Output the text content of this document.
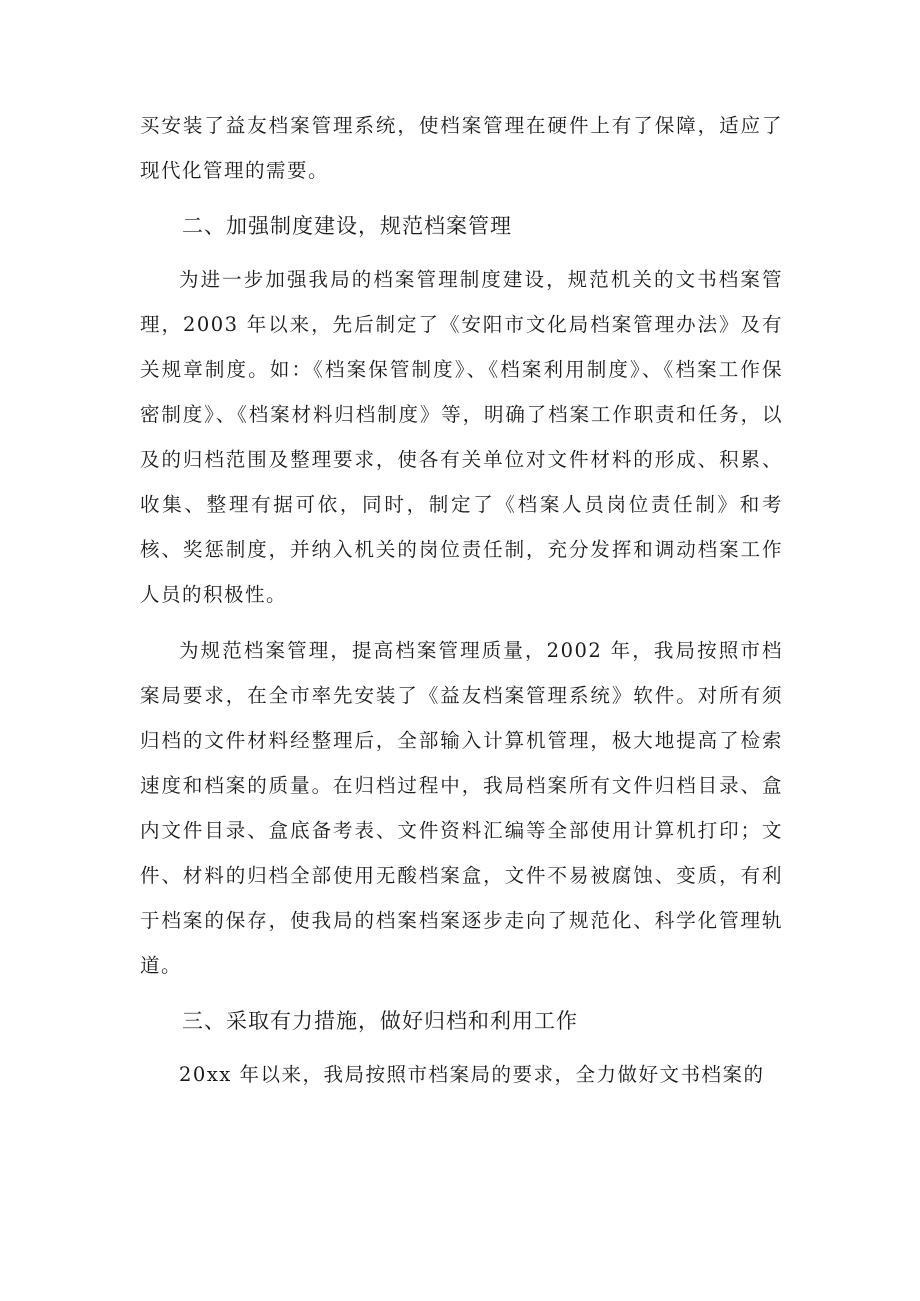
买安装了益友档案管理系统，使档案管理在硬件上有了保障，适应了现代化管理的需要。

二、加强制度建设，规范档案管理

为进一步加强我局的档案管理制度建设，规范机关的文书档案管理，2003 年以来，先后制定了《安阳市文化局档案管理办法》及有关规章制度。如：《档案保管制度》、《档案利用制度》、《档案工作保密制度》、《档案材料归档制度》等，明确了档案工作职责和任务，以及的归档范围及整理要求，使各有关单位对文件材料的形成、积累、收集、整理有据可依，同时，制定了《档案人员岗位责任制》和考核、奖惩制度，并纳入机关的岗位责任制，充分发挥和调动档案工作人员的积极性。

为规范档案管理，提高档案管理质量，2002 年，我局按照市档案局要求，在全市率先安装了《益友档案管理系统》软件。对所有须归档的文件材料经整理后，全部输入计算机管理，极大地提高了检索速度和档案的质量。在归档过程中，我局档案所有文件归档目录、盒内文件目录、盒底备考表、文件资料汇编等全部使用计算机打印；文件、材料的归档全部使用无酸档案盒，文件不易被腐蚀、变质，有利于档案的保存，使我局的档案档案逐步走向了规范化、科学化管理轨道。

三、采取有力措施，做好归档和利用工作

20xx 年以来，我局按照市档案局的要求，全力做好文书档案的
